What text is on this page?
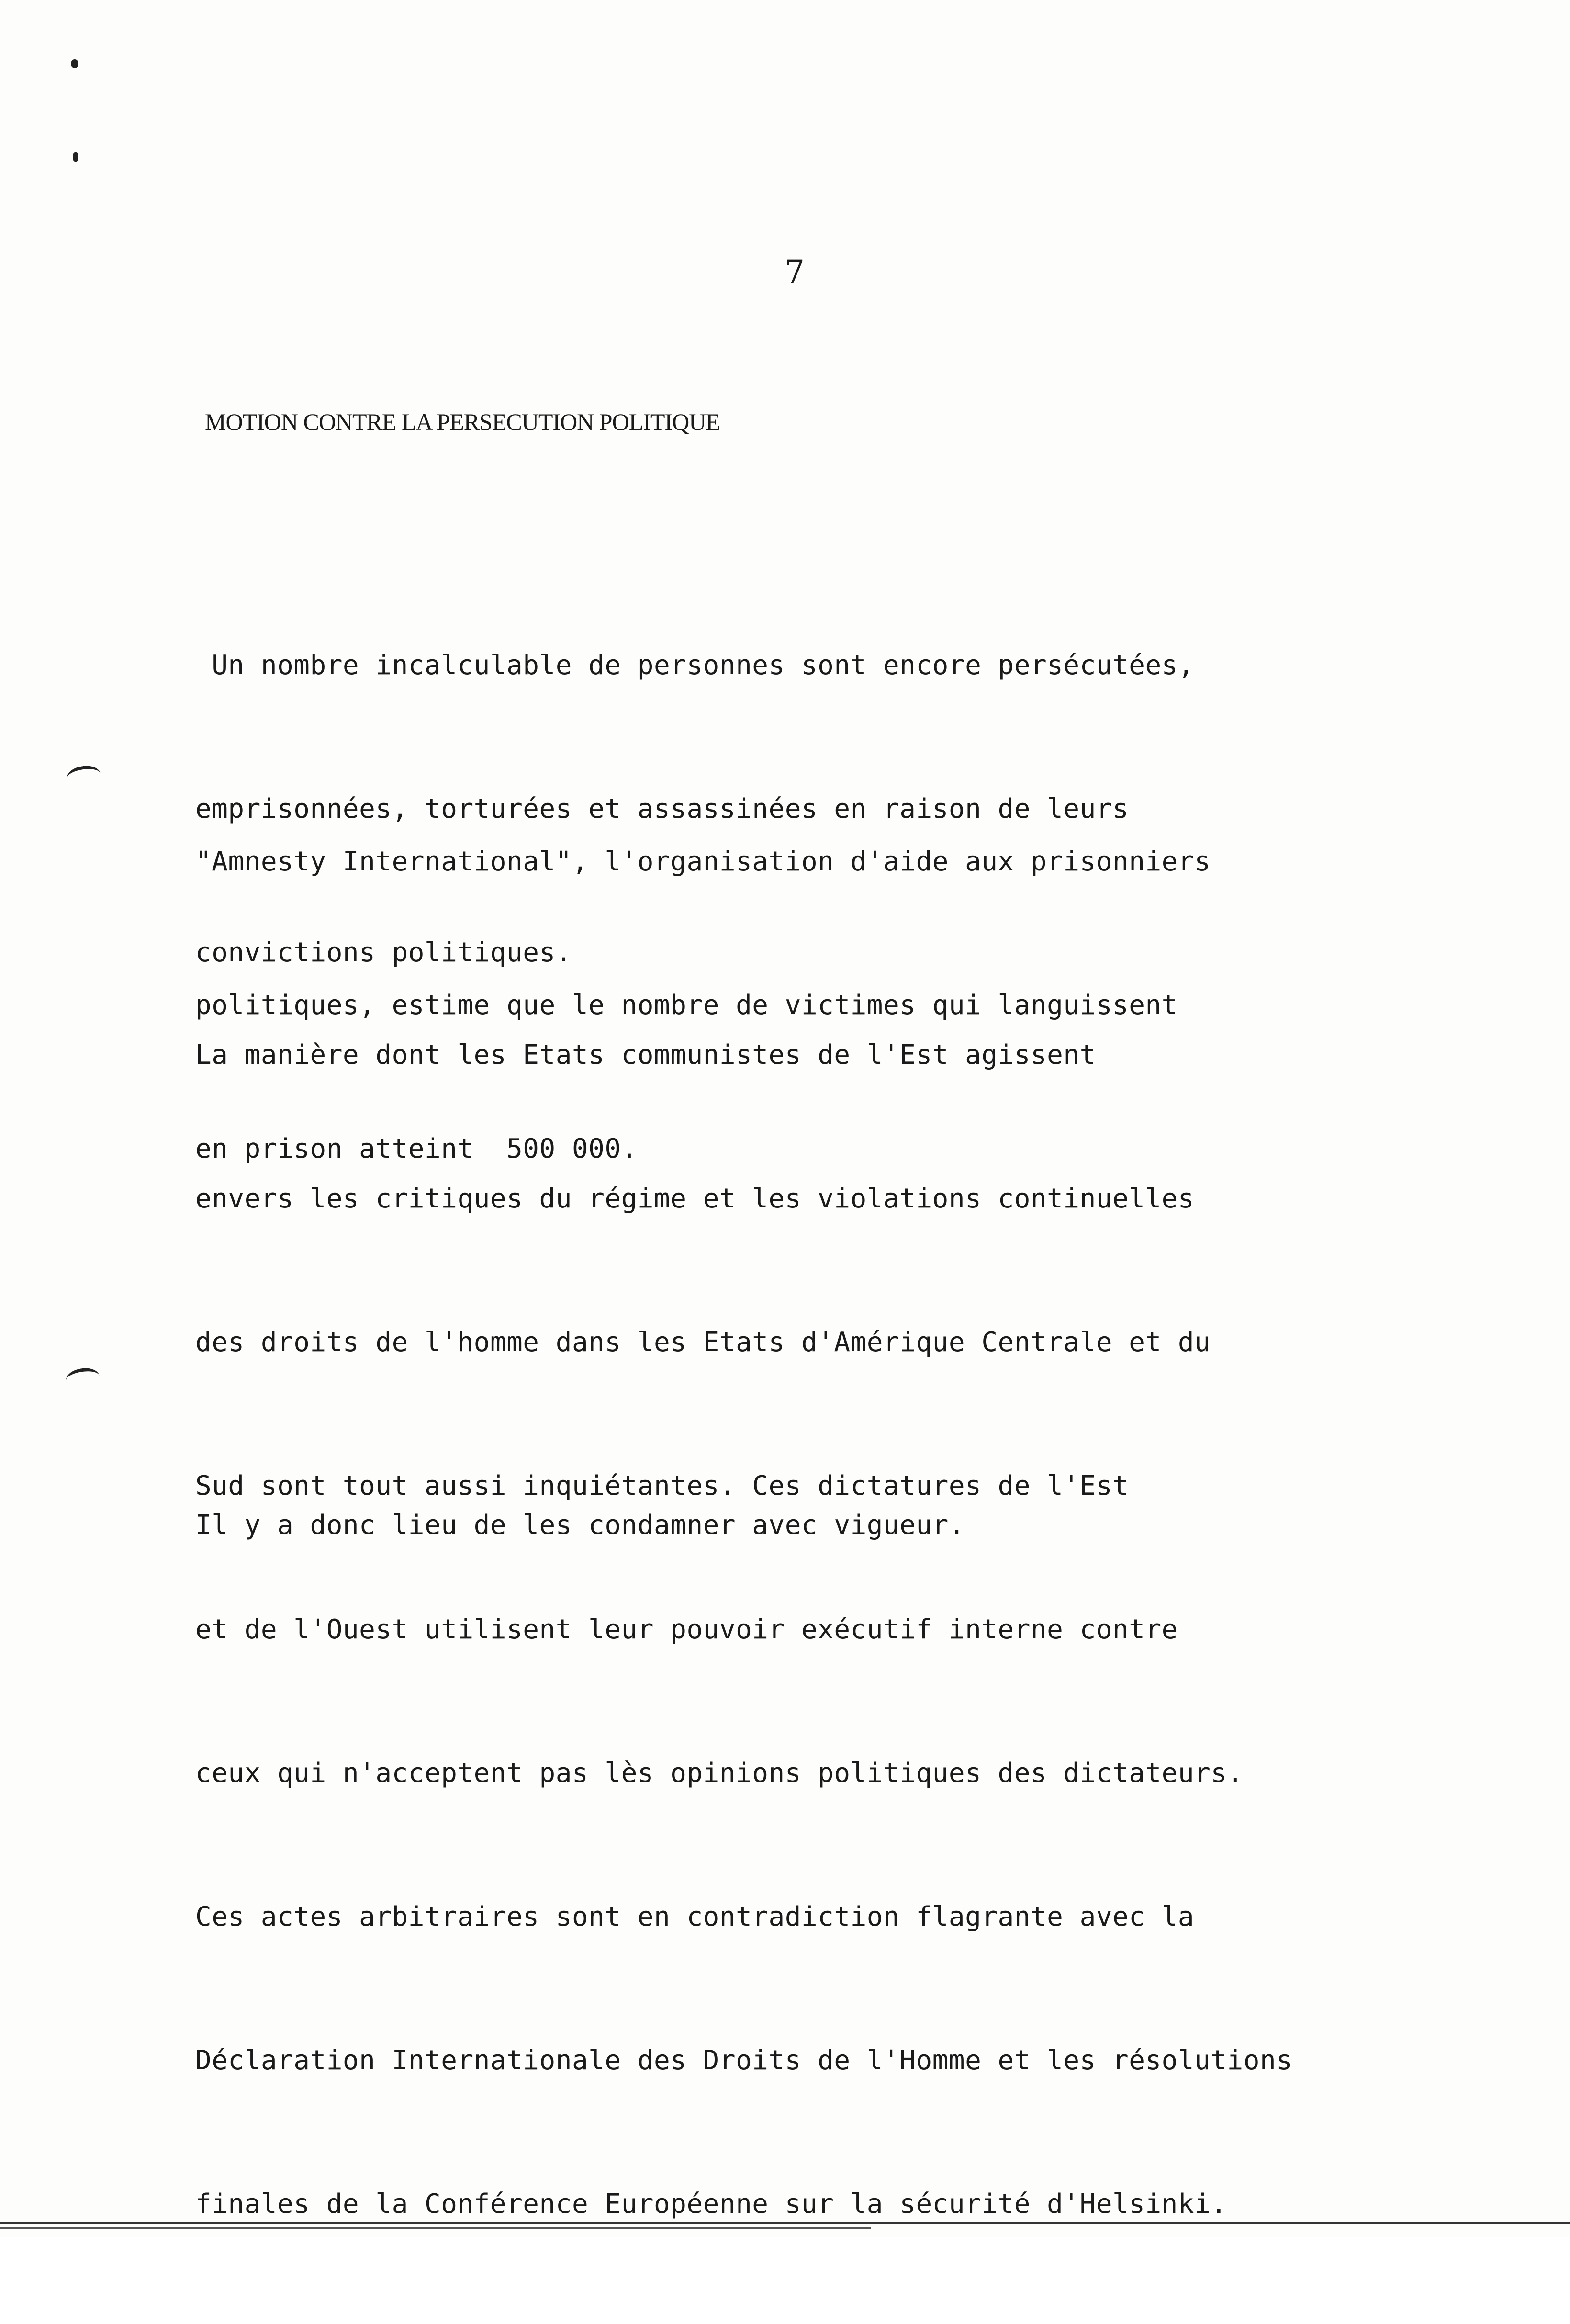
7
MOTION CONTRE LA PERSECUTION POLITIQUE

Un nombre incalculable de personnes sont encore persécutées,

emprisonnées, torturées et assassinées en raison de leurs

convictions politiques.

"Amnesty International", l'organisation d'aide aux prisonniers

politiques, estime que le nombre de victimes qui languissent

en prison atteint  500 000.

La manière dont les Etats communistes de l'Est agissent

envers les critiques du régime et les violations continuelles

des droits de l'homme dans les Etats d'Amérique Centrale et du

Sud sont tout aussi inquiétantes. Ces dictatures de l'Est

et de l'Ouest utilisent leur pouvoir exécutif interne contre

ceux qui n'acceptent pas lès opinions politiques des dictateurs.

Ces actes arbitraires sont en contradiction flagrante avec la

Déclaration Internationale des Droits de l'Homme et les résolutions

finales de la Conférence Européenne sur la sécurité d'Helsinki.

Il y a donc lieu de les condamner avec vigueur.
